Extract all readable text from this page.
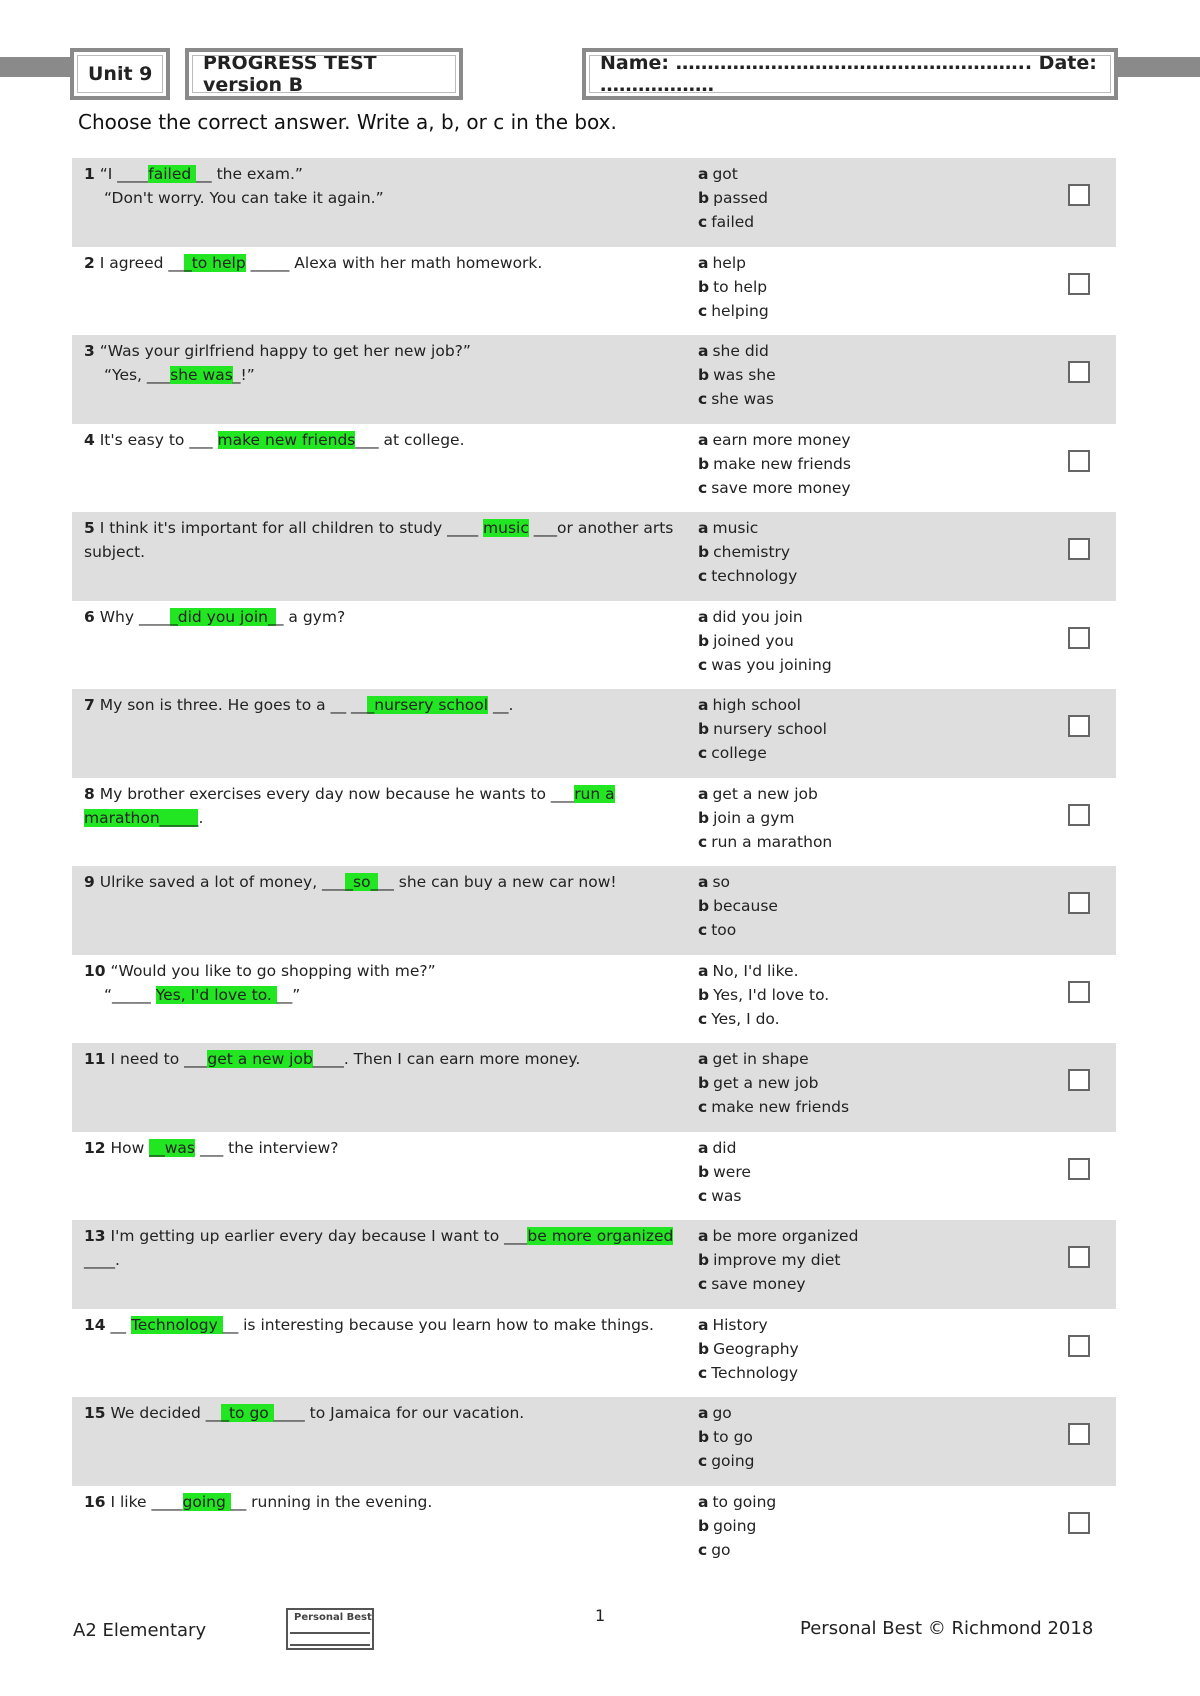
Unit 9	PROGRESS TEST version B
Name: ……………………………………………….. Date: ………………
Choose the correct answer. Write a, b, or c in the box.
1 “I ____failed __ the exam.”
“Don't worry. You can take it again.”
a got
b passed
c failed
2 I agreed ___to help _____ Alexa with her math homework.	a help
b to help
c helping
3 “Was your girlfriend happy to get her new job?”
“Yes, ___she was_!”
a she did
b was she
c she was
4 It's easy to ___ make new friends___ at college.	a earn more money
b make new friends
c save more money
5 I think it's important for all children to study ____ music ___or another arts subject.
a music
b chemistry
c technology
6 Why _____did you join__ a gym?	a did you join
b joined you
c was you joining
7 My son is three. He goes to a __ ___nursery school __.	a high school
b nursery school
c college
8 My brother exercises every day now because he wants to ___run a marathon_____.
a get a new job
b join a gym
c run a marathon
9 Ulrike saved a lot of money, ____so___ she can buy a new car now!	a so
b because
c too
10 “Would you like to go shopping with me?”
“_____ Yes, I'd love to. __”
a No, I'd like.
b Yes, I'd love to.
c Yes, I do.
11 I need to ___get a new job____. Then I can earn more money.	a get in shape
b get a new job
c make new friends
12 How __was ___ the interview?	a did
b were
c was
13 I'm getting up earlier every day because I want to ___be more organized ____.
a be more organized
b improve my diet
c save money
14 __ Technology __ is interesting because you learn how to make things.	a History
b Geography
c Technology
15 We decided ___to go ____ to Jamaica for our vacation.	a go
b to go
c going
16 I like ____going __ running in the evening.	a to going
b going
c go
A2 Elementary
Personal Best	1
Personal Best © Richmond 2018
